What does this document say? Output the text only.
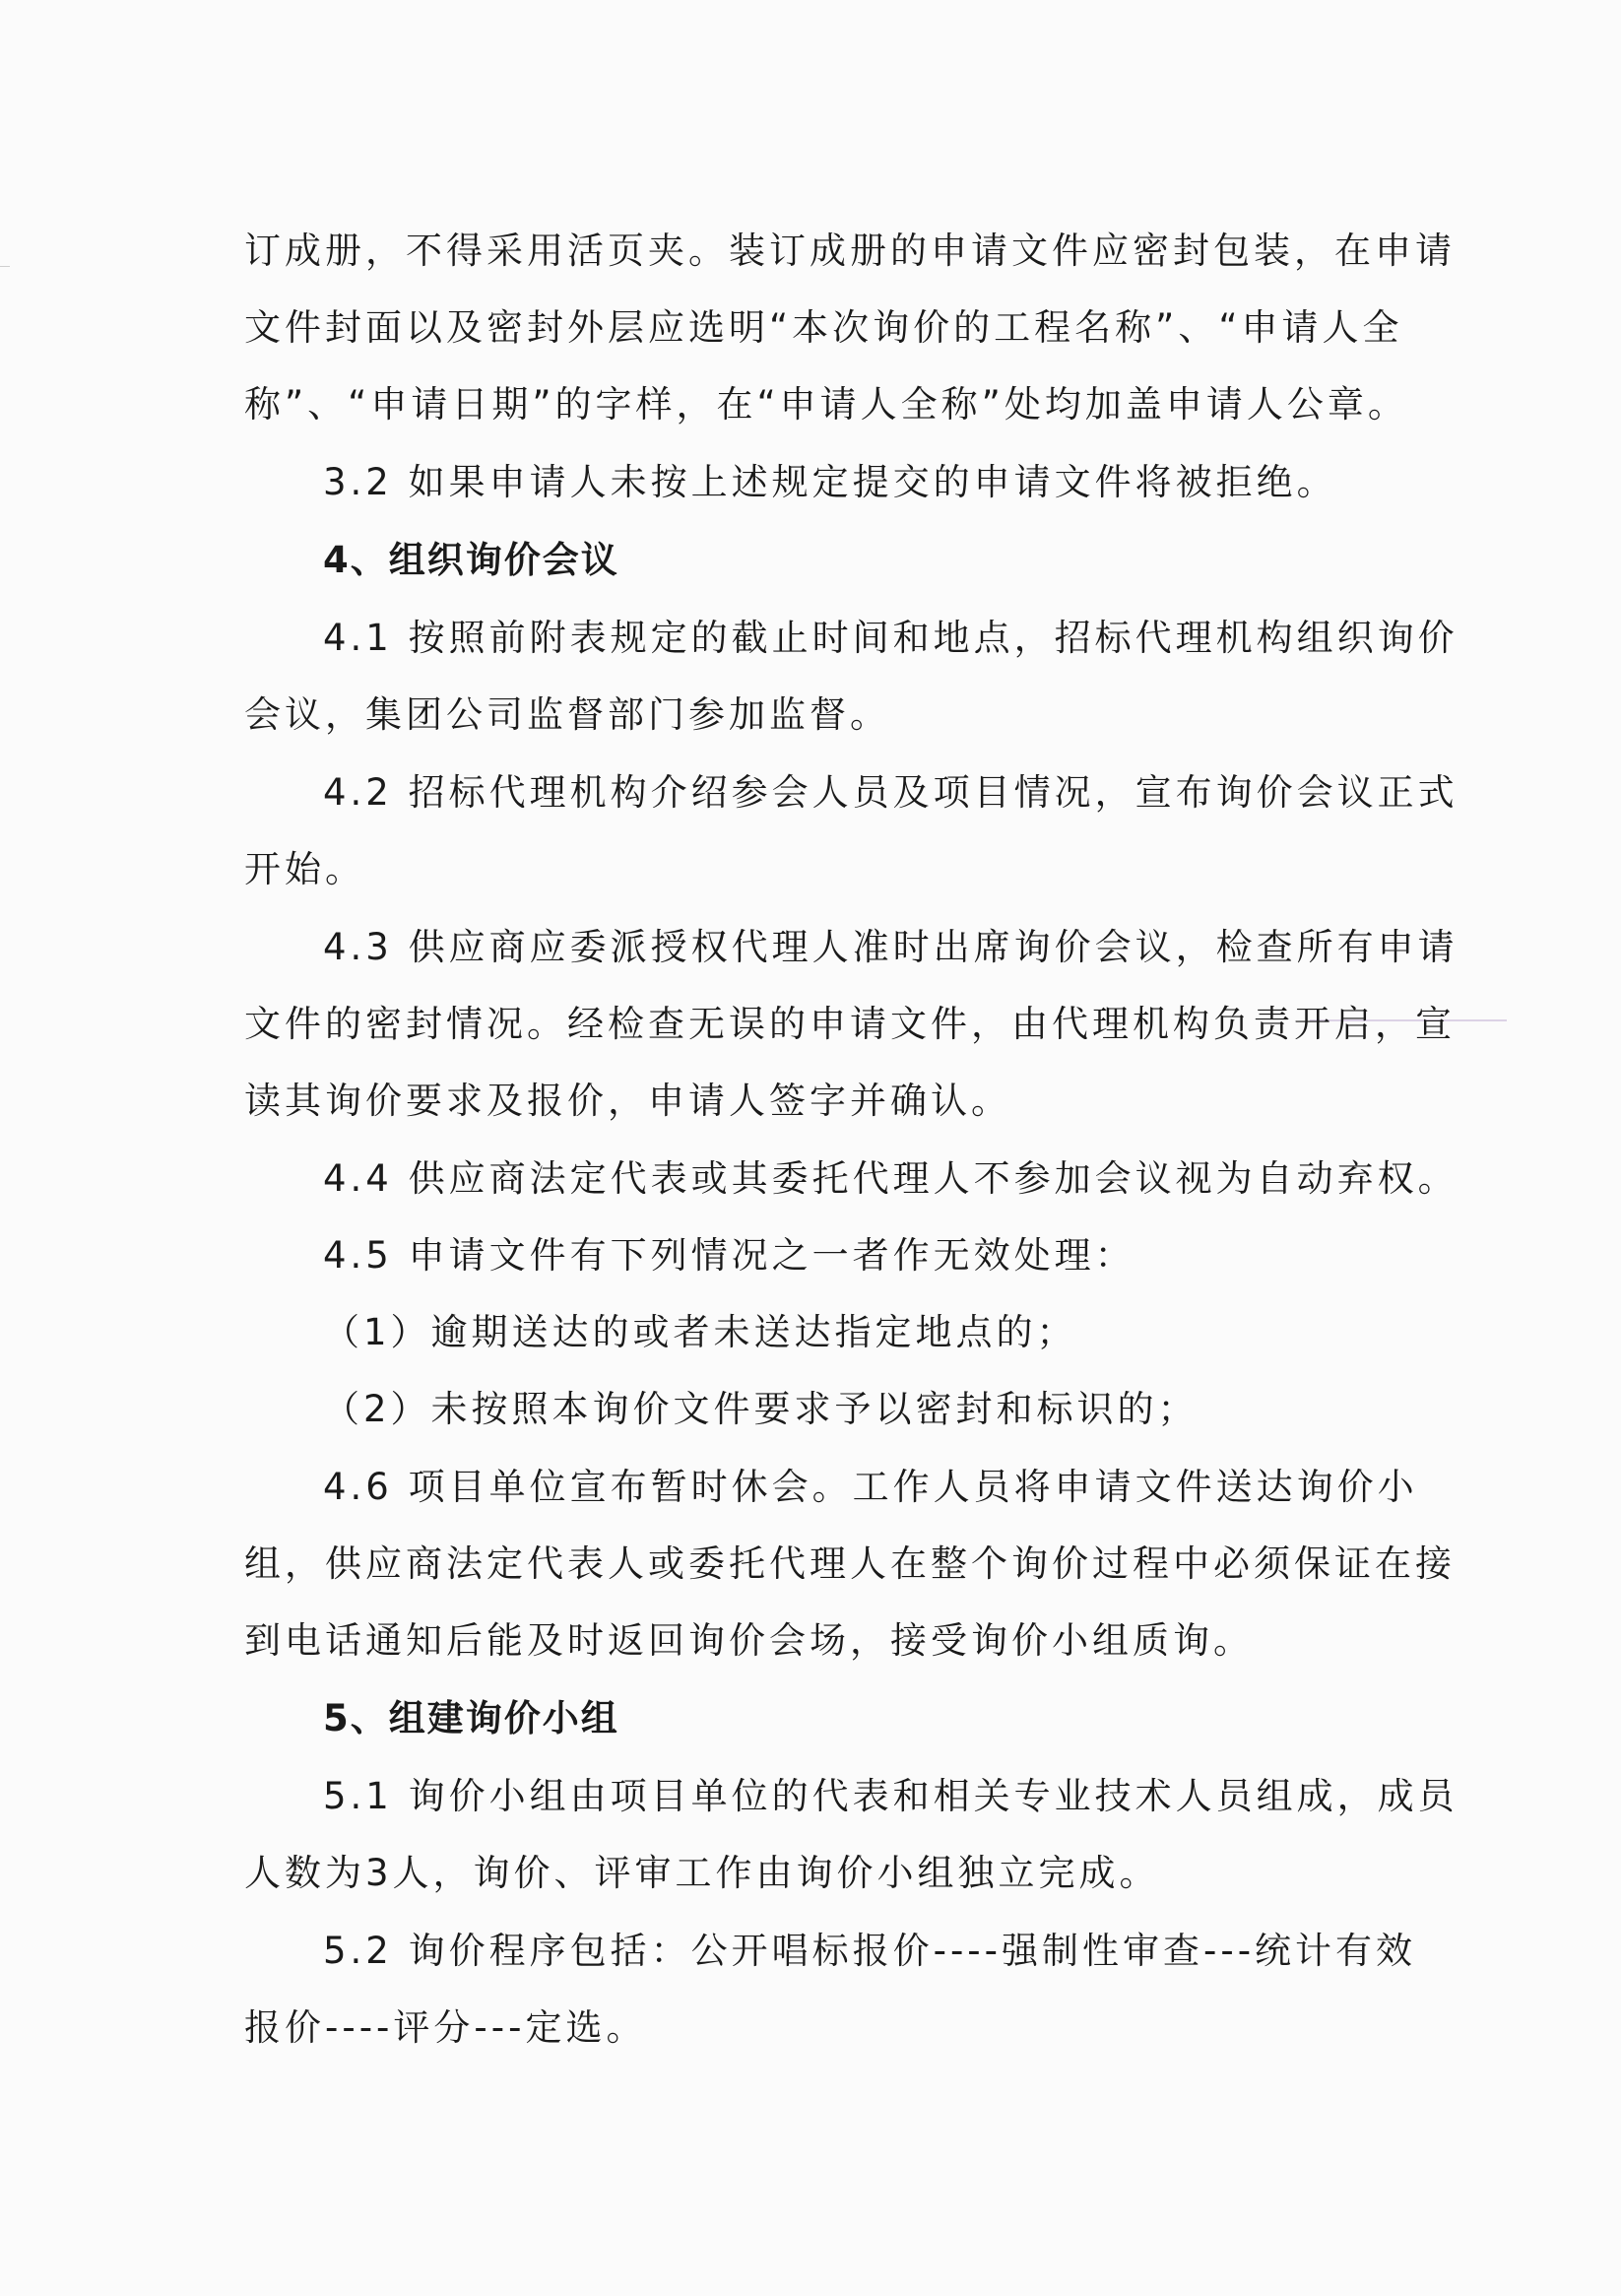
订成册，不得采用活页夹。装订成册的申请文件应密封包装，在申请
文件封面以及密封外层应选明“本次询价的工程名称”、“申请人全
称”、“申请日期”的字样，在“申请人全称”处均加盖申请人公章。
3.2 如果申请人未按上述规定提交的申请文件将被拒绝。
4、组织询价会议
4.1 按照前附表规定的截止时间和地点，招标代理机构组织询价
会议，集团公司监督部门参加监督。
4.2 招标代理机构介绍参会人员及项目情况，宣布询价会议正式
开始。
4.3 供应商应委派授权代理人准时出席询价会议，检查所有申请
文件的密封情况。经检查无误的申请文件，由代理机构负责开启，宣
读其询价要求及报价，申请人签字并确认。
4.4 供应商法定代表或其委托代理人不参加会议视为自动弃权。
4.5 申请文件有下列情况之一者作无效处理：
（1）逾期送达的或者未送达指定地点的；
（2）未按照本询价文件要求予以密封和标识的；
4.6 项目单位宣布暂时休会。工作人员将申请文件送达询价小
组，供应商法定代表人或委托代理人在整个询价过程中必须保证在接
到电话通知后能及时返回询价会场，接受询价小组质询。
5、组建询价小组
5.1 询价小组由项目单位的代表和相关专业技术人员组成，成员
人数为3人，询价、评审工作由询价小组独立完成。
5.2 询价程序包括：公开唱标报价----强制性审查---统计有效
报价----评分---定选。
